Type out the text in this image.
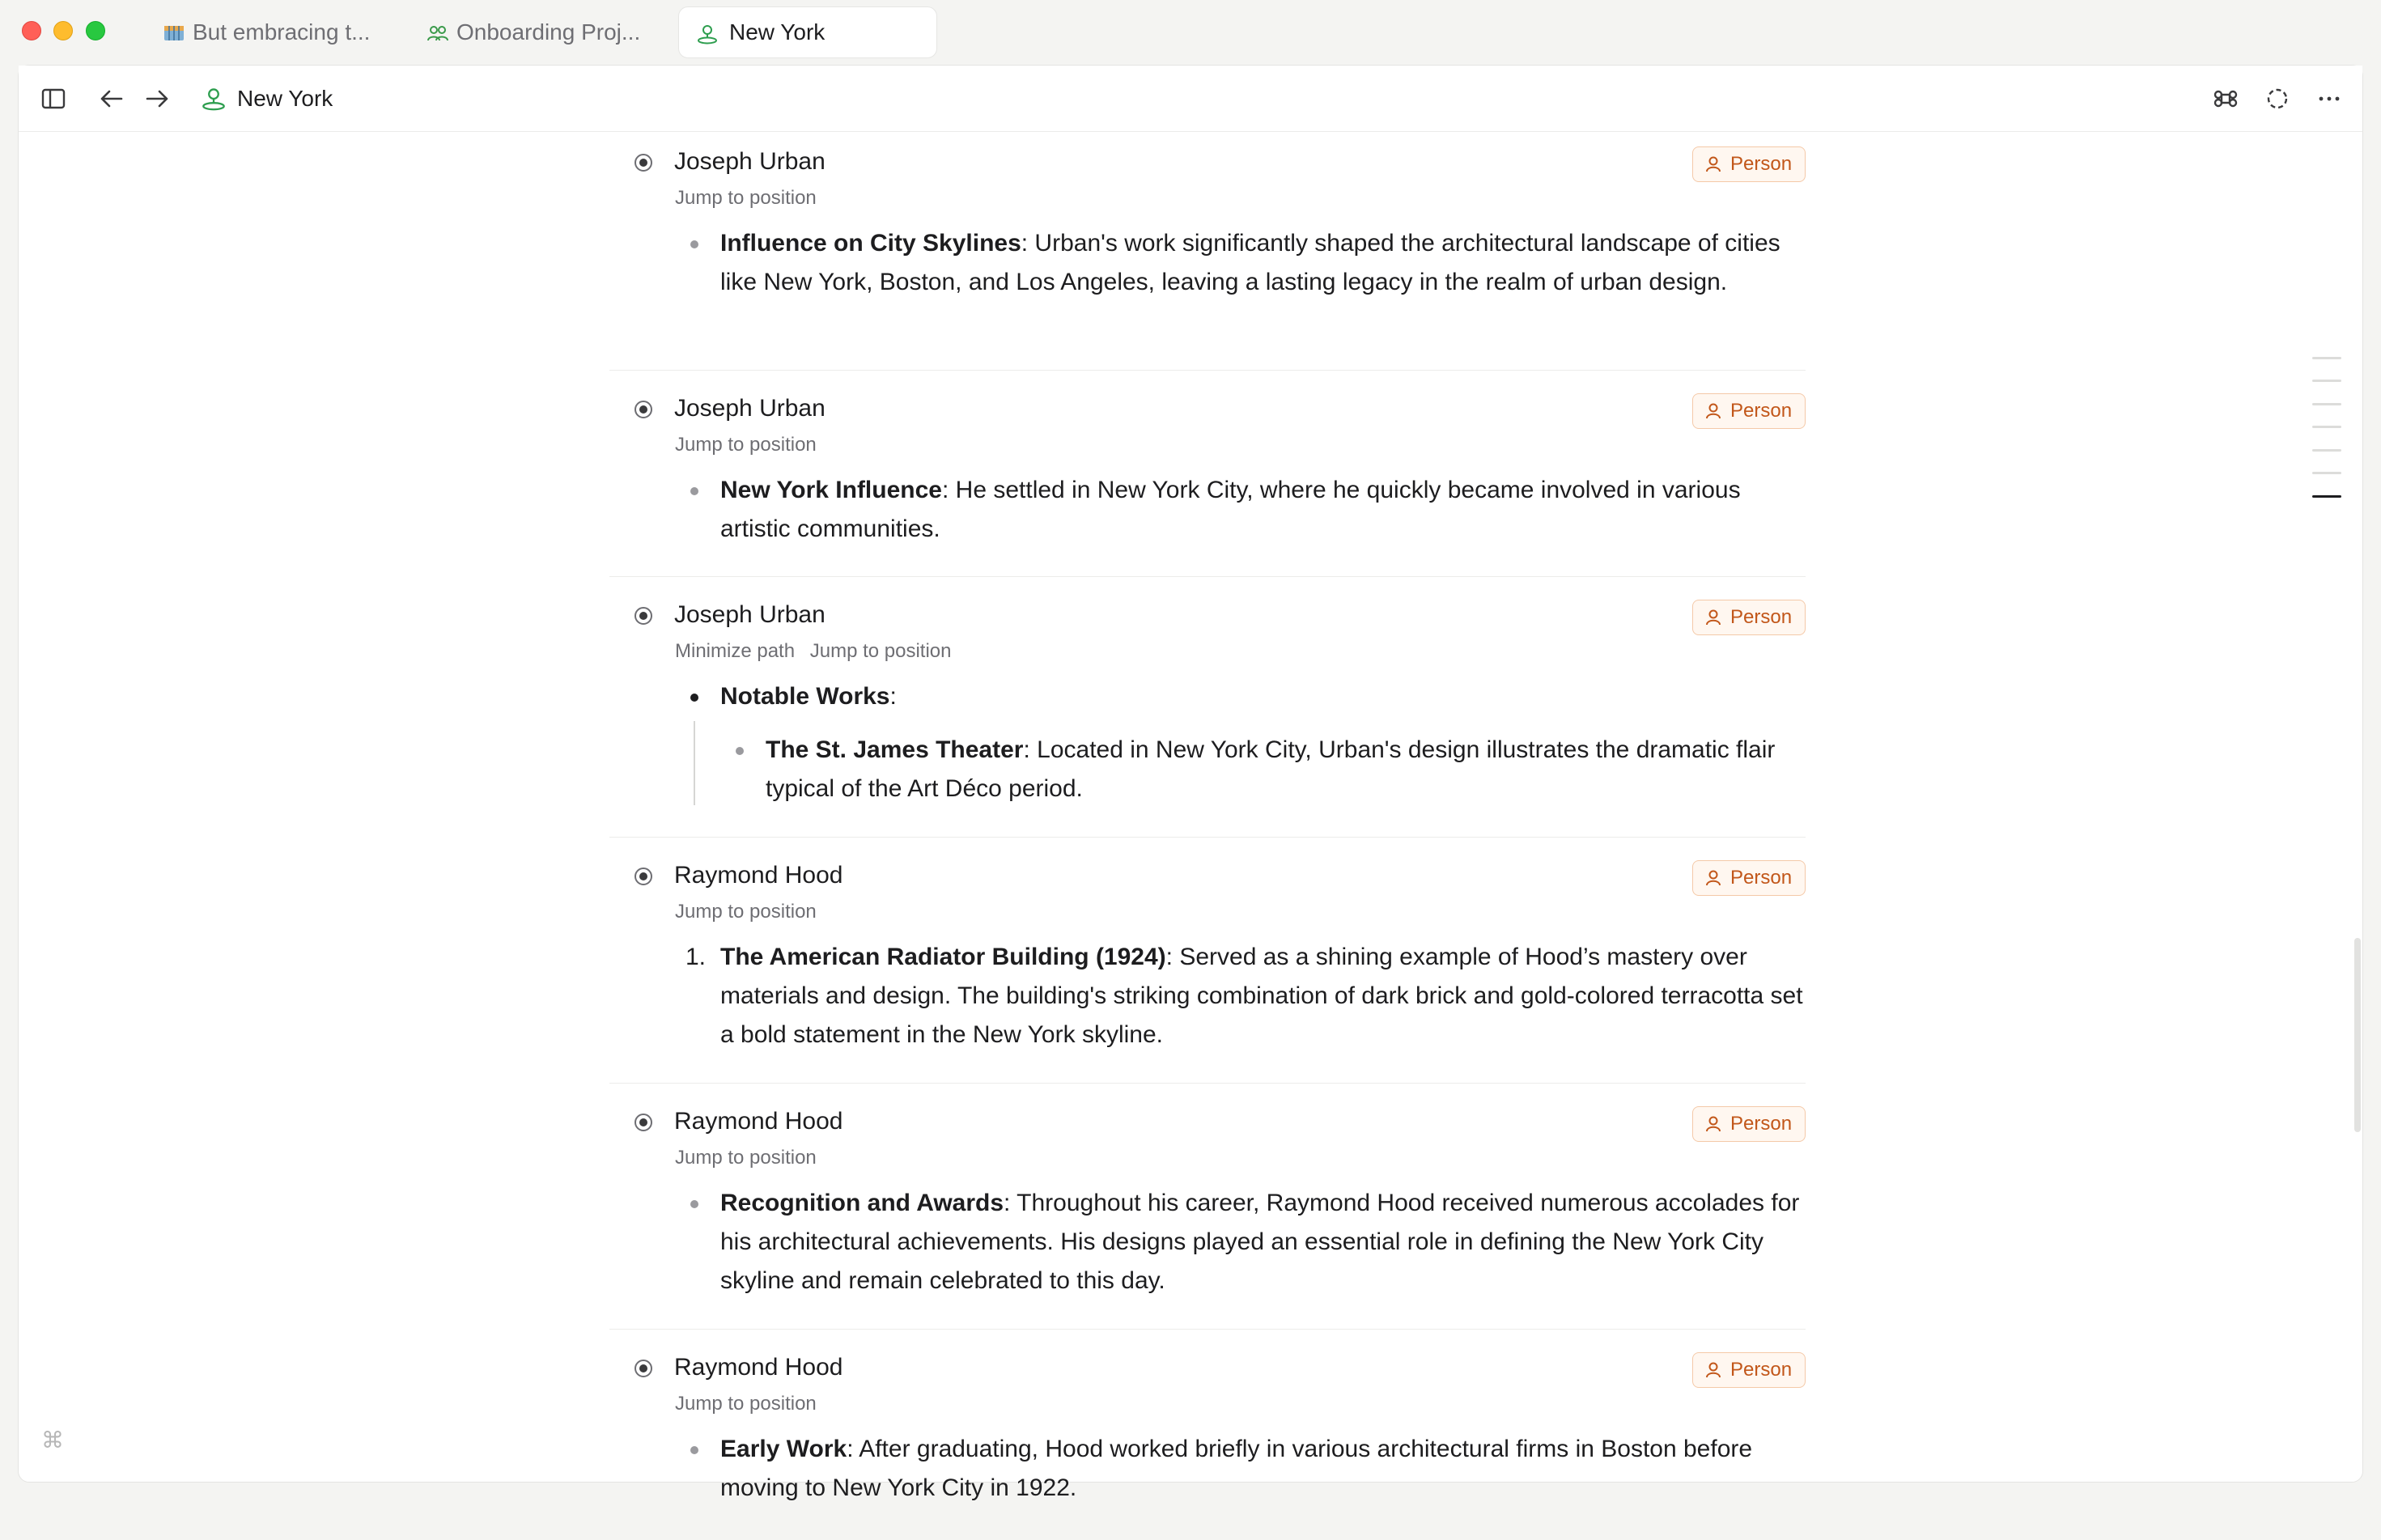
But embracing t...	Onboarding Proj...	New York
New York
Joseph Urban
Jump to position
Person
Influence on City Skylines: Urban's work significantly shaped the architectural landscape of cities like New York, Boston, and Los Angeles, leaving a lasting legacy in the realm of urban design.
Joseph Urban
Jump to position
Person
New York Influence: He settled in New York City, where he quickly became involved in various artistic communities.
Joseph Urban
Minimize path Jump to position
Person
Notable Works:
The St. James Theater: Located in New York City, Urban's design illustrates the dramatic flair typical of the Art Déco period.
Raymond Hood
Jump to position
Person
1. The American Radiator Building (1924): Served as a shining example of Hood’s mastery over materials and design. The building's striking combination of dark brick and gold-colored terracotta set a bold statement in the New York skyline.
Raymond Hood
Jump to position
Person
Recognition and Awards: Throughout his career, Raymond Hood received numerous accolades for his architectural achievements. His designs played an essential role in defining the New York City skyline and remain celebrated to this day.
Raymond Hood
Jump to position
Person
Early Work: After graduating, Hood worked briefly in various architectural firms in Boston before moving to New York City in 1922.
⌘
